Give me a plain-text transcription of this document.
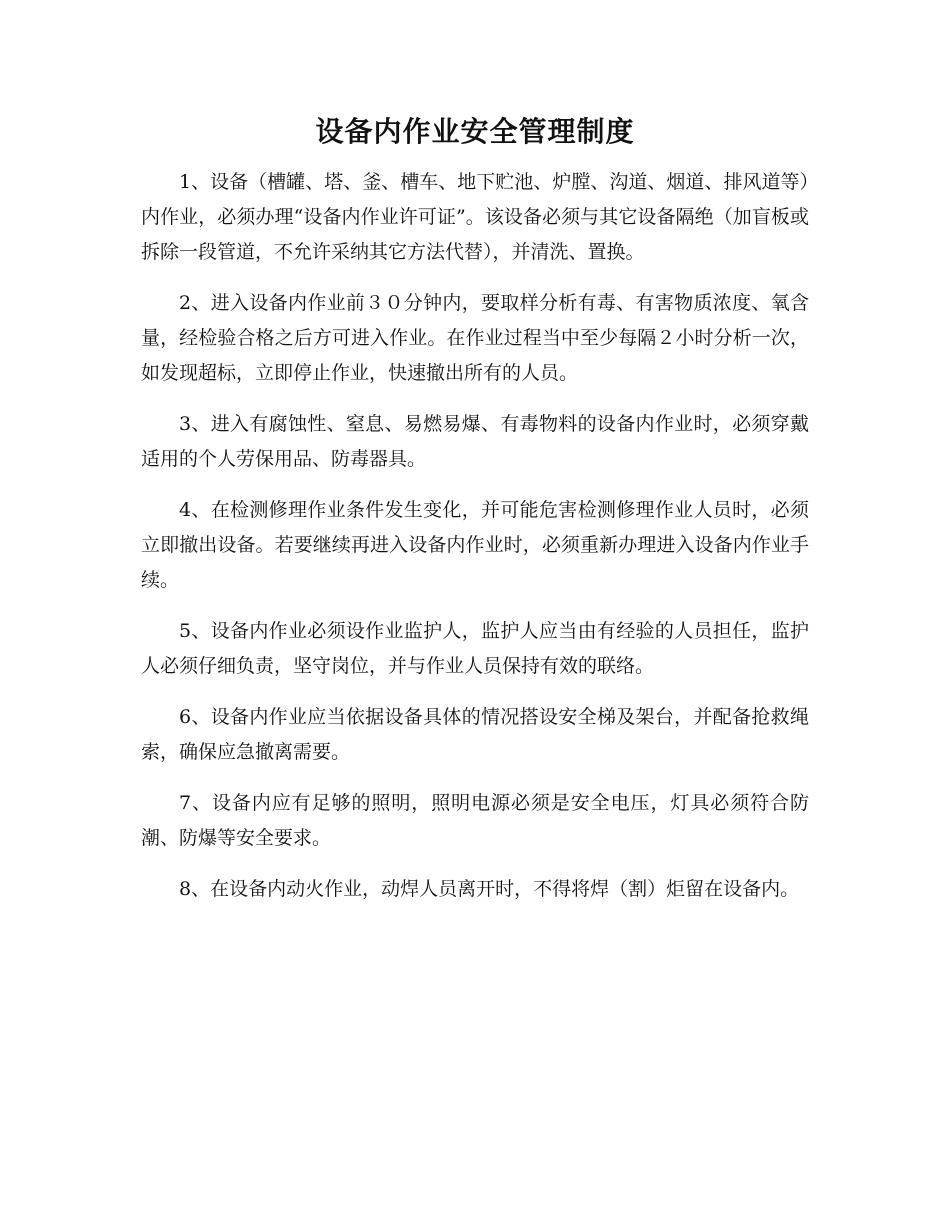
设备内作业安全管理制度

1、设备（槽罐、塔、釜、槽车、地下贮池、炉膛、沟道、烟道、排风道等）内作业，必须办理“设备内作业许可证”。该设备必须与其它设备隔绝（加盲板或拆除一段管道，不允许采纳其它方法代替），并清洗、置换。

2、进入设备内作业前３０分钟内，要取样分析有毒、有害物质浓度、氧含量，经检验合格之后方可进入作业。在作业过程当中至少每隔２小时分析一次，如发现超标，立即停止作业，快速撤出所有的人员。

3、进入有腐蚀性、窒息、易燃易爆、有毒物料的设备内作业时，必须穿戴适用的个人劳保用品、防毒器具。

4、在检测修理作业条件发生变化，并可能危害检测修理作业人员时，必须立即撤出设备。若要继续再进入设备内作业时，必须重新办理进入设备内作业手续。

5、设备内作业必须设作业监护人，监护人应当由有经验的人员担任，监护人必须仔细负责，坚守岗位，并与作业人员保持有效的联络。

6、设备内作业应当依据设备具体的情况搭设安全梯及架台，并配备抢救绳索，确保应急撤离需要。

7、设备内应有足够的照明，照明电源必须是安全电压，灯具必须符合防潮、防爆等安全要求。

8、在设备内动火作业，动焊人员离开时，不得将焊（割）炬留在设备内。
